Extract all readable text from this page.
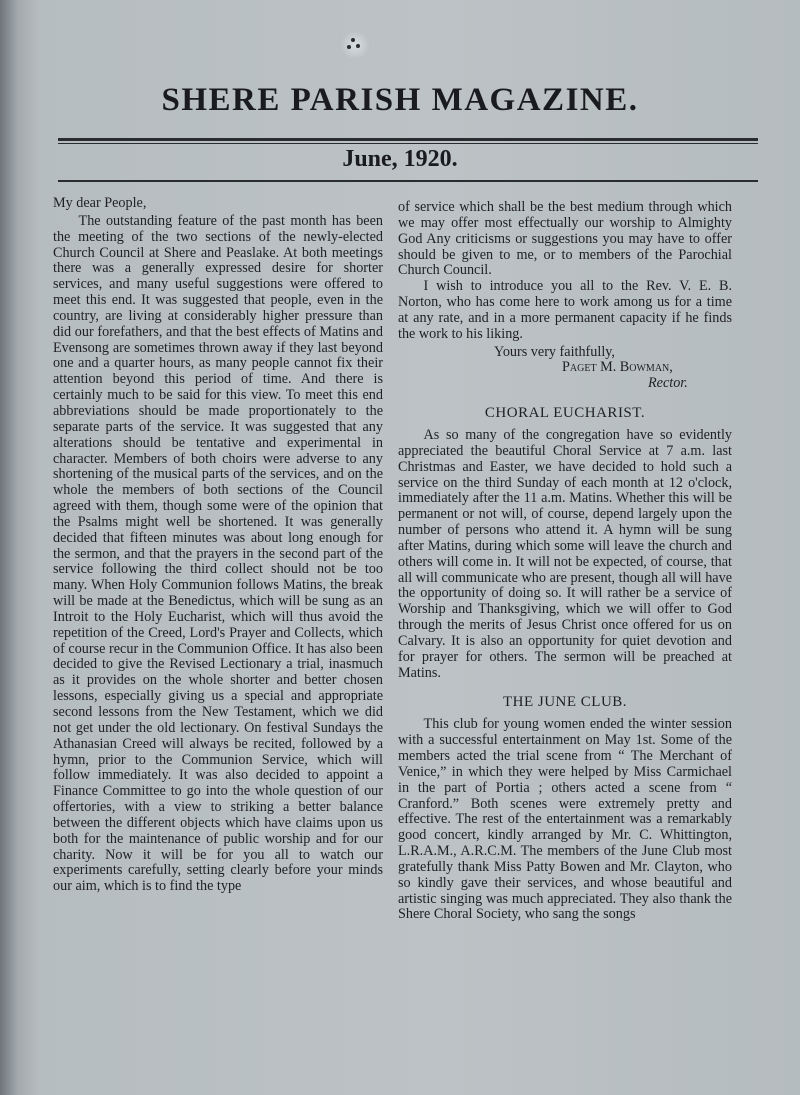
SHERE PARISH MAGAZINE.
June, 1920.

My dear People,

The outstanding feature of the past month has been the meeting of the two sections of the newly-elected Church Council at Shere and Peaslake. At both meetings there was a generally expressed desire for shorter services, and many useful suggestions were offered to meet this end. It was suggested that people, even in the country, are living at considerably higher pressure than did our forefathers, and that the best effects of Matins and Evensong are sometimes thrown away if they last beyond one and a quarter hours, as many people cannot fix their attention beyond this period of time. And there is certainly much to be said for this view. To meet this end abbreviations should be made proportionately to the separate parts of the service. It was suggested that any alterations should be tentative and experimental in character. Members of both choirs were adverse to any shortening of the musical parts of the services, and on the whole the members of both sections of the Council agreed with them, though some were of the opinion that the Psalms might well be shortened. It was generally decided that fifteen minutes was about long enough for the sermon, and that the prayers in the second part of the service following the third collect should not be too many. When Holy Communion follows Matins, the break will be made at the Benedictus, which will be sung as an Introit to the Holy Eucharist, which will thus avoid the repetition of the Creed, Lord's Prayer and Collects, which of course recur in the Communion Office. It has also been decided to give the Revised Lectionary a trial, inasmuch as it provides on the whole shorter and better chosen lessons, especially giving us a special and appropriate second lessons from the New Testament, which we did not get under the old lectionary. On festival Sundays the Athanasian Creed will always be recited, followed by a hymn, prior to the Communion Service, which will follow immediately. It was also decided to appoint a Finance Committee to go into the whole question of our offertories, with a view to striking a better balance between the different objects which have claims upon us both for the maintenance of public worship and for our charity. Now it will be for you all to watch our experiments carefully, setting clearly before your minds our aim, which is to find the type

of service which shall be the best medium through which we may offer most effectually our worship to Almighty God Any criticisms or suggestions you may have to offer should be given to me, or to members of the Parochial Church Council.

I wish to introduce you all to the Rev. V. E. B. Norton, who has come here to work among us for a time at any rate, and in a more permanent capacity if he finds the work to his liking.

Yours very faithfully,

Paget M. Bowman,

Rector.

CHORAL EUCHARIST.

As so many of the congregation have so evidently appreciated the beautiful Choral Service at 7 a.m. last Christmas and Easter, we have decided to hold such a service on the third Sunday of each month at 12 o'clock, immediately after the 11 a.m. Matins. Whether this will be permanent or not will, of course, depend largely upon the number of persons who attend it. A hymn will be sung after Matins, during which some will leave the church and others will come in. It will not be expected, of course, that all will communicate who are present, though all will have the opportunity of doing so. It will rather be a service of Worship and Thanksgiving, which we will offer to God through the merits of Jesus Christ once offered for us on Calvary. It is also an opportunity for quiet devotion and for prayer for others. The sermon will be preached at Matins.

THE JUNE CLUB.

This club for young women ended the winter session with a successful entertainment on May 1st. Some of the members acted the trial scene from “ The Merchant of Venice,” in which they were helped by Miss Carmichael in the part of Portia ; others acted a scene from “ Cranford.” Both scenes were extremely pretty and effective. The rest of the entertainment was a remarkably good concert, kindly arranged by Mr. C. Whittington, L.R.A.M., A.R.C.M. The members of the June Club most gratefully thank Miss Patty Bowen and Mr. Clayton, who so kindly gave their services, and whose beautiful and artistic singing was much appreciated. They also thank the Shere Choral Society, who sang the songs
